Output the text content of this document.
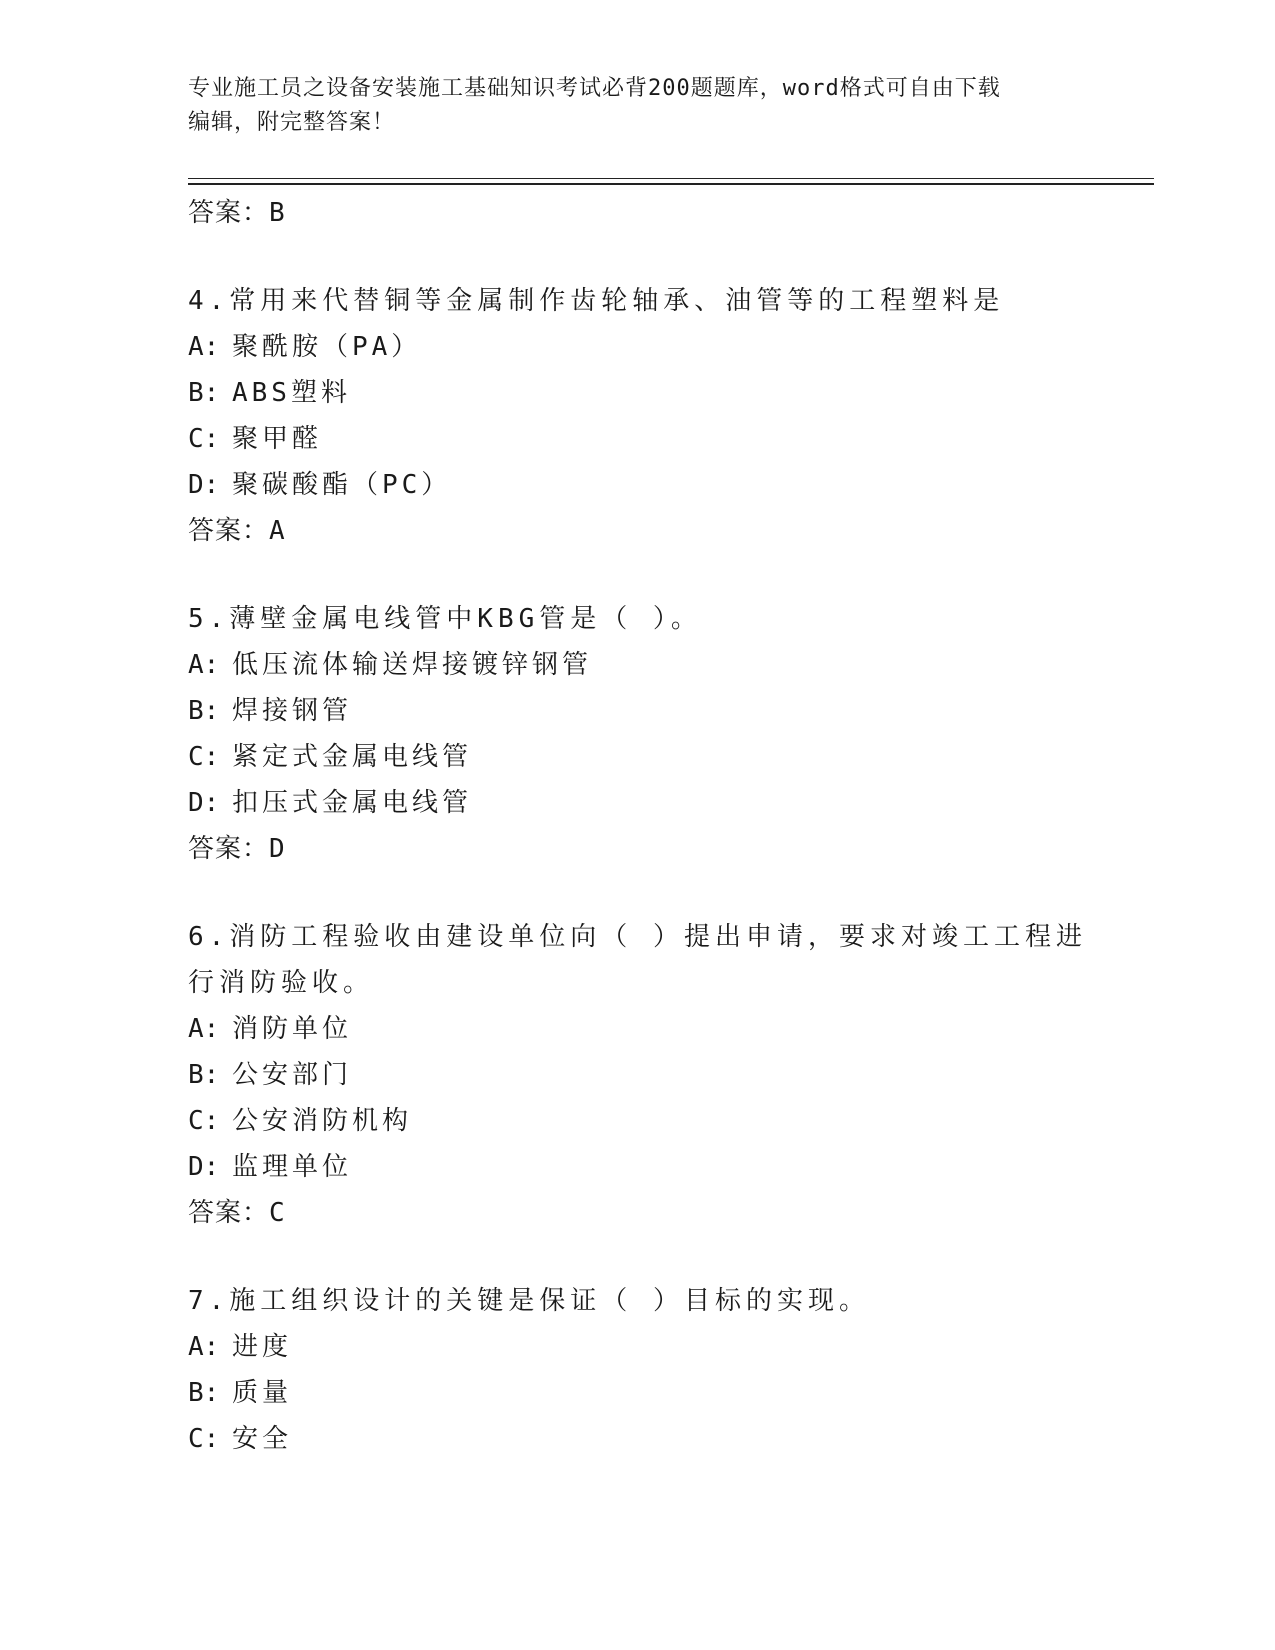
专业施工员之设备安装施工基础知识考试必背200题题库，word格式可自由下载
编辑，附完整答案！
答案：B
4.常用来代替铜等金属制作齿轮轴承、油管等的工程塑料是
A: 聚酰胺（PA）
B: ABS塑料
C: 聚甲醛
D: 聚碳酸酯（PC）
答案：A
5.薄壁金属电线管中KBG管是（ ）。
A: 低压流体输送焊接镀锌钢管
B: 焊接钢管
C: 紧定式金属电线管
D: 扣压式金属电线管
答案：D
6.消防工程验收由建设单位向（ ）提出申请，要求对竣工工程进行消防验收。
A: 消防单位
B: 公安部门
C: 公安消防机构
D: 监理单位
答案：C
7.施工组织设计的关键是保证（ ）目标的实现。
A: 进度
B: 质量
C: 安全
